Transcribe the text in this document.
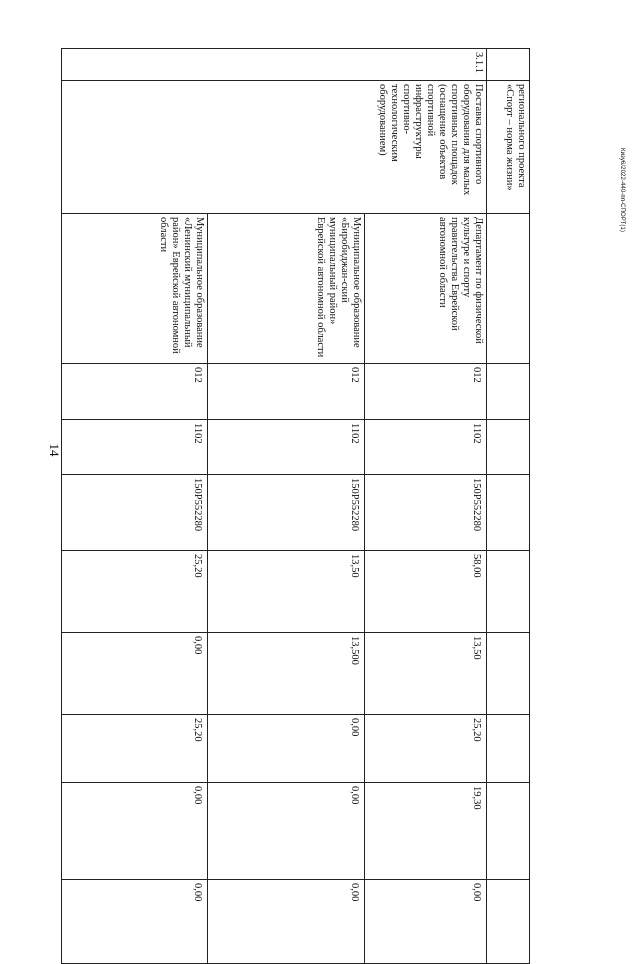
14
Кизу6/2022-440-пп-СПОРТ(1)
	регионального проекта «Спорт – норма жизни»									
3.1.1	Поставка спортивного оборудования для малых спортивных площадок (оснащение объектов спортивной инфраструктуры спортивно-технологическим оборудованием)	Департамент по физической культуре и спорту правительства Еврейской автономной области	012	1102	150P552280	58,00	13,50	25,20	19,30	0,00
		Муниципальное образование «Биробиджан-ский муниципальный район» Еврейской автономной области	012	1102	150P552280	13,50	13,500	0,00	0,00	0,00
		Муниципальное образование «Ленинский муниципальный район» Еврейской автономной области	012	1102	150P552280	25,20	0,00	25,20	0,00	0,00
